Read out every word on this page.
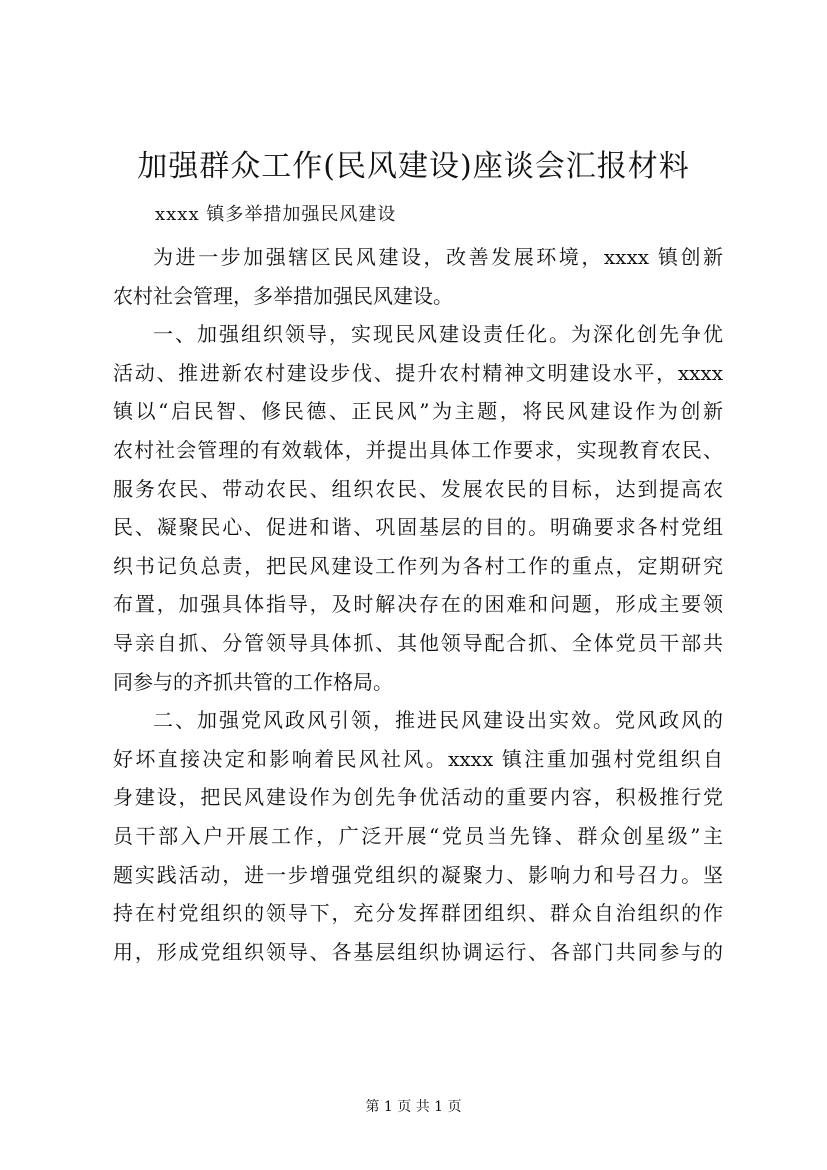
加强群众工作(民风建设)座谈会汇报材料
xxxx 镇多举措加强民风建设

为进一步加强辖区民风建设，改善发展环境，xxxx 镇创新
农村社会管理，多举措加强民风建设。

一、加强组织领导，实现民风建设责任化。为深化创先争优
活动、推进新农村建设步伐、提升农村精神文明建设水平，xxxx
镇以“启民智、修民德、正民风”为主题，将民风建设作为创新
农村社会管理的有效载体，并提出具体工作要求，实现教育农民、
服务农民、带动农民、组织农民、发展农民的目标，达到提高农
民、凝聚民心、促进和谐、巩固基层的目的。明确要求各村党组
织书记负总责，把民风建设工作列为各村工作的重点，定期研究
布置，加强具体指导，及时解决存在的困难和问题，形成主要领
导亲自抓、分管领导具体抓、其他领导配合抓、全体党员干部共
同参与的齐抓共管的工作格局。

二、加强党风政风引领，推进民风建设出实效。党风政风的
好坏直接决定和影响着民风社风。xxxx 镇注重加强村党组织自
身建设，把民风建设作为创先争优活动的重要内容，积极推行党
员干部入户开展工作，广泛开展“党员当先锋、群众创星级”主
题实践活动，进一步增强党组织的凝聚力、影响力和号召力。坚
持在村党组织的领导下，充分发挥群团组织、群众自治组织的作
用，形成党组织领导、各基层组织协调运行、各部门共同参与的

第 1 页 共 1 页
